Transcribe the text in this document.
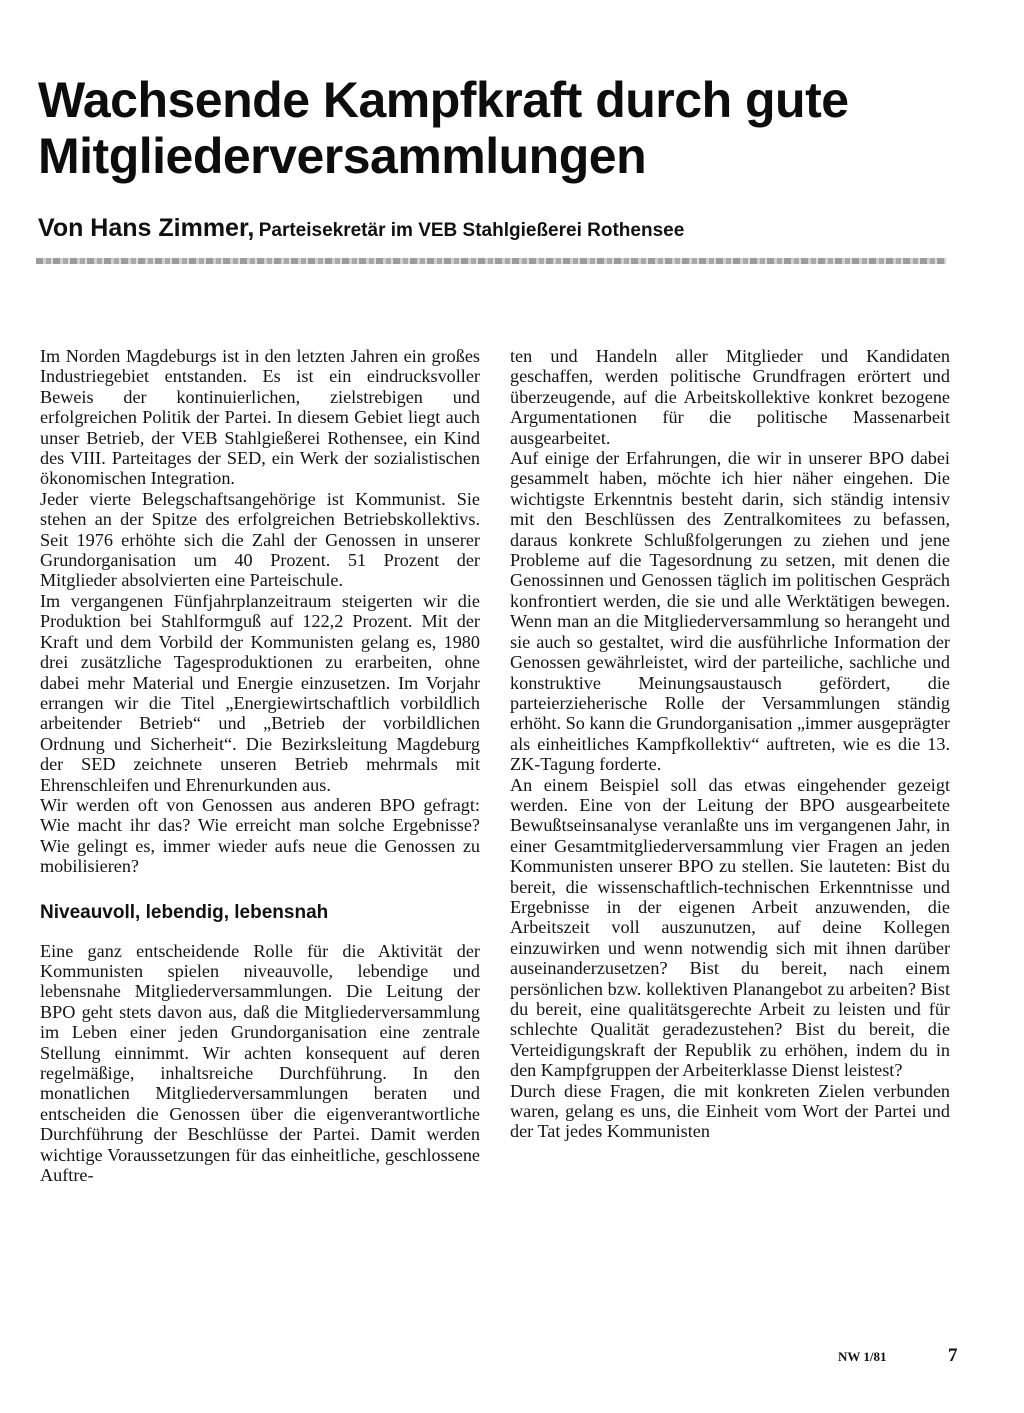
Wachsende Kampfkraft durch gute Mitgliederversammlungen
Von Hans Zimmer, Parteisekretär im VEB Stahlgießerei Rothensee

Im Norden Magdeburgs ist in den letzten Jahren ein großes Industriegebiet entstanden. Es ist ein eindrucksvoller Beweis der kontinuierlichen, zielstrebigen und erfolgreichen Politik der Partei. In diesem Gebiet liegt auch unser Betrieb, der VEB Stahlgießerei Rothensee, ein Kind des VIII. Parteitages der SED, ein Werk der sozialistischen ökonomischen Integration.

Jeder vierte Belegschaftsangehörige ist Kommunist. Sie stehen an der Spitze des erfolgreichen Betriebskollektivs. Seit 1976 erhöhte sich die Zahl der Genossen in unserer Grundorganisation um 40 Prozent. 51 Prozent der Mitglieder absolvierten eine Parteischule.

Im vergangenen Fünfjahrplanzeitraum steigerten wir die Produktion bei Stahlformguß auf 122,2 Prozent. Mit der Kraft und dem Vorbild der Kommunisten gelang es, 1980 drei zusätzliche Tagesproduktionen zu erarbeiten, ohne dabei mehr Material und Energie einzusetzen. Im Vorjahr errangen wir die Titel „Energiewirtschaftlich vorbildlich arbeitender Betrieb“ und „Betrieb der vorbildlichen Ordnung und Sicherheit“. Die Bezirksleitung Magdeburg der SED zeichnete unseren Betrieb mehrmals mit Ehrenschleifen und Ehrenurkunden aus.

Wir werden oft von Genossen aus anderen BPO gefragt: Wie macht ihr das? Wie erreicht man solche Ergebnisse? Wie gelingt es, immer wieder aufs neue die Genossen zu mobilisieren?

Niveauvoll, lebendig, lebensnah

Eine ganz entscheidende Rolle für die Aktivität der Kommunisten spielen niveauvolle, lebendige und lebensnahe Mitgliederversammlungen. Die Leitung der BPO geht stets davon aus, daß die Mitgliederversammlung im Leben einer jeden Grundorganisation eine zentrale Stellung einnimmt. Wir achten konsequent auf deren regelmäßige, inhaltsreiche Durchführung. In den monatlichen Mitgliederversammlungen beraten und entscheiden die Genossen über die eigenverantwortliche Durchführung der Beschlüsse der Partei. Damit werden wichtige Voraussetzungen für das einheitliche, geschlossene Auftre-

ten und Handeln aller Mitglieder und Kandidaten geschaffen, werden politische Grundfragen erörtert und überzeugende, auf die Arbeitskollektive konkret bezogene Argumentationen für die politische Massenarbeit ausgearbeitet.

Auf einige der Erfahrungen, die wir in unserer BPO dabei gesammelt haben, möchte ich hier näher eingehen. Die wichtigste Erkenntnis besteht darin, sich ständig intensiv mit den Beschlüssen des Zentralkomitees zu befassen, daraus konkrete Schlußfolgerungen zu ziehen und jene Probleme auf die Tagesordnung zu setzen, mit denen die Genossinnen und Genossen täglich im politischen Gespräch konfrontiert werden, die sie und alle Werktätigen bewegen. Wenn man an die Mitgliederversammlung so herangeht und sie auch so gestaltet, wird die ausführliche Information der Genossen gewährleistet, wird der parteiliche, sachliche und konstruktive Meinungsaustausch gefördert, die parteierzieherische Rolle der Versammlungen ständig erhöht. So kann die Grundorganisation „immer ausgeprägter als einheitliches Kampfkollektiv“ auftreten, wie es die 13. ZK-Tagung forderte.

An einem Beispiel soll das etwas eingehender gezeigt werden. Eine von der Leitung der BPO ausgearbeitete Bewußtseinsanalyse veranlaßte uns im vergangenen Jahr, in einer Gesamtmitgliederversammlung vier Fragen an jeden Kommunisten unserer BPO zu stellen. Sie lauteten: Bist du bereit, die wissenschaftlich-technischen Erkenntnisse und Ergebnisse in der eigenen Arbeit anzuwenden, die Arbeitszeit voll auszunutzen, auf deine Kollegen einzuwirken und wenn notwendig sich mit ihnen darüber auseinanderzusetzen? Bist du bereit, nach einem persönlichen bzw. kollektiven Planangebot zu arbeiten? Bist du bereit, eine qualitätsgerechte Arbeit zu leisten und für schlechte Qualität geradezustehen? Bist du bereit, die Verteidigungskraft der Republik zu erhöhen, indem du in den Kampfgruppen der Arbeiterklasse Dienst leistest?

Durch diese Fragen, die mit konkreten Zielen verbunden waren, gelang es uns, die Einheit vom Wort der Partei und der Tat jedes Kommunisten

NW 1/81	7
